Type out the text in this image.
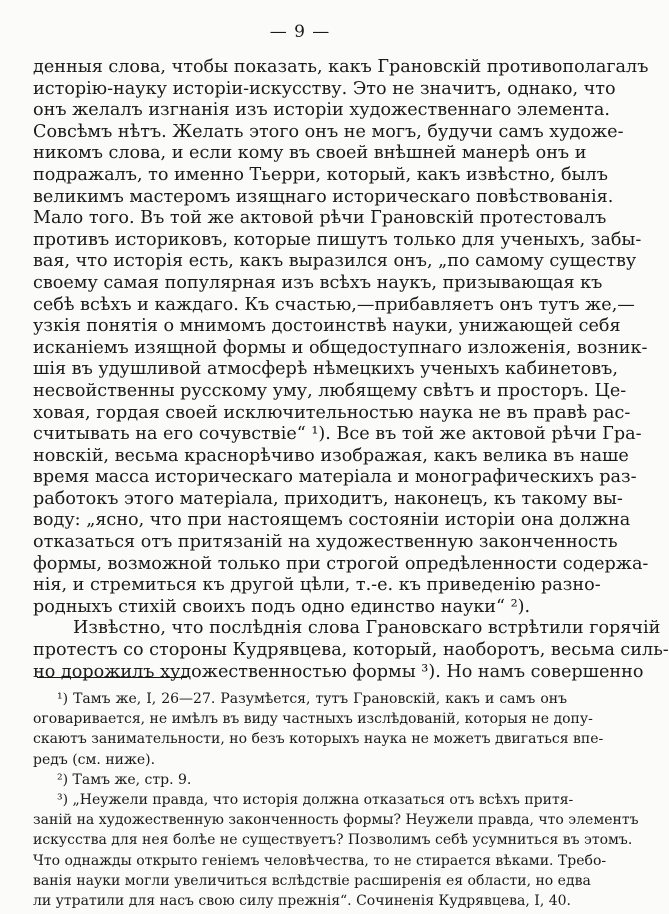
— 9 —
денныя слова, чтобы показать, какъ Грановскій противополагалъ
исторію-науку исторіи-искусству. Это не значитъ, однако, что
онъ желалъ изгнанія изъ исторіи художественнаго элемента.
Совсѣмъ нѣтъ. Желать этого онъ не могъ, будучи самъ художе-
никомъ слова, и если кому въ своей внѣшней манерѣ онъ и
подражалъ, то именно Тьерри, который, какъ извѣстно, былъ
великимъ мастеромъ изящнаго историческаго повѣствованія.
Мало того. Въ той же актовой рѣчи Грановскій протестовалъ
противъ историковъ, которые пишутъ только для ученыхъ, забы-
вая, что исторія есть, какъ выразился онъ, „по самому существу
своему самая популярная изъ всѣхъ наукъ, призывающая къ
себѣ всѣхъ и каждаго. Къ счастью,—прибавляетъ онъ тутъ же,—
узкія понятія о мнимомъ достоинствѣ науки, унижающей себя
исканіемъ изящной формы и общедоступнаго изложенія, возник-
шія въ удушливой атмосферѣ нѣмецкихъ ученыхъ кабинетовъ,
несвойственны русскому уму, любящему свѣтъ и просторъ. Це-
ховая, гордая своей исключительностью наука не въ правѣ рас-
считывать на его сочувствіе“ ¹). Все въ той же актовой рѣчи Гра-
новскій, весьма краснорѣчиво изображая, какъ велика въ наше
время масса историческаго матеріала и монографическихъ раз-
работокъ этого матеріала, приходитъ, наконецъ, къ такому вы-
воду: „ясно, что при настоящемъ состояніи исторіи она должна
отказаться отъ притязаній на художественную законченность
формы, возможной только при строгой опредѣленности содержа-
нія, и стремиться къ другой цѣли, т.-е. къ приведенію разно-
родныхъ стихій своихъ подъ одно единство науки“ ²).
Извѣстно, что послѣднія слова Грановскаго встрѣтили горячій
протестъ со стороны Кудрявцева, который, наоборотъ, весьма силь-
но дорожилъ художественностью формы ³). Но намъ совершенно
¹) Тамъ же, I, 26—27. Разумѣется, тутъ Грановскій, какъ и самъ онъ
оговаривается, не имѣлъ въ виду частныхъ изслѣдованій, которыя не допу-
скаютъ занимательности, но безъ которыхъ наука не можетъ двигаться впе-
редъ (см. ниже).
²) Тамъ же, стр. 9.
³) „Неужели правда, что исторія должна отказаться отъ всѣхъ притя-
заній на художественную законченность формы? Неужели правда, что элементъ
искусства для нея болѣе не существуетъ? Позволимъ себѣ усумниться въ этомъ.
Что однажды открыто геніемъ человѣчества, то не стирается вѣками. Требо-
ванія науки могли увеличиться вслѣдствіе расширенія ея области, но едва
ли утратили для насъ свою силу прежнія“. Сочиненія Кудрявцева, I, 40.
